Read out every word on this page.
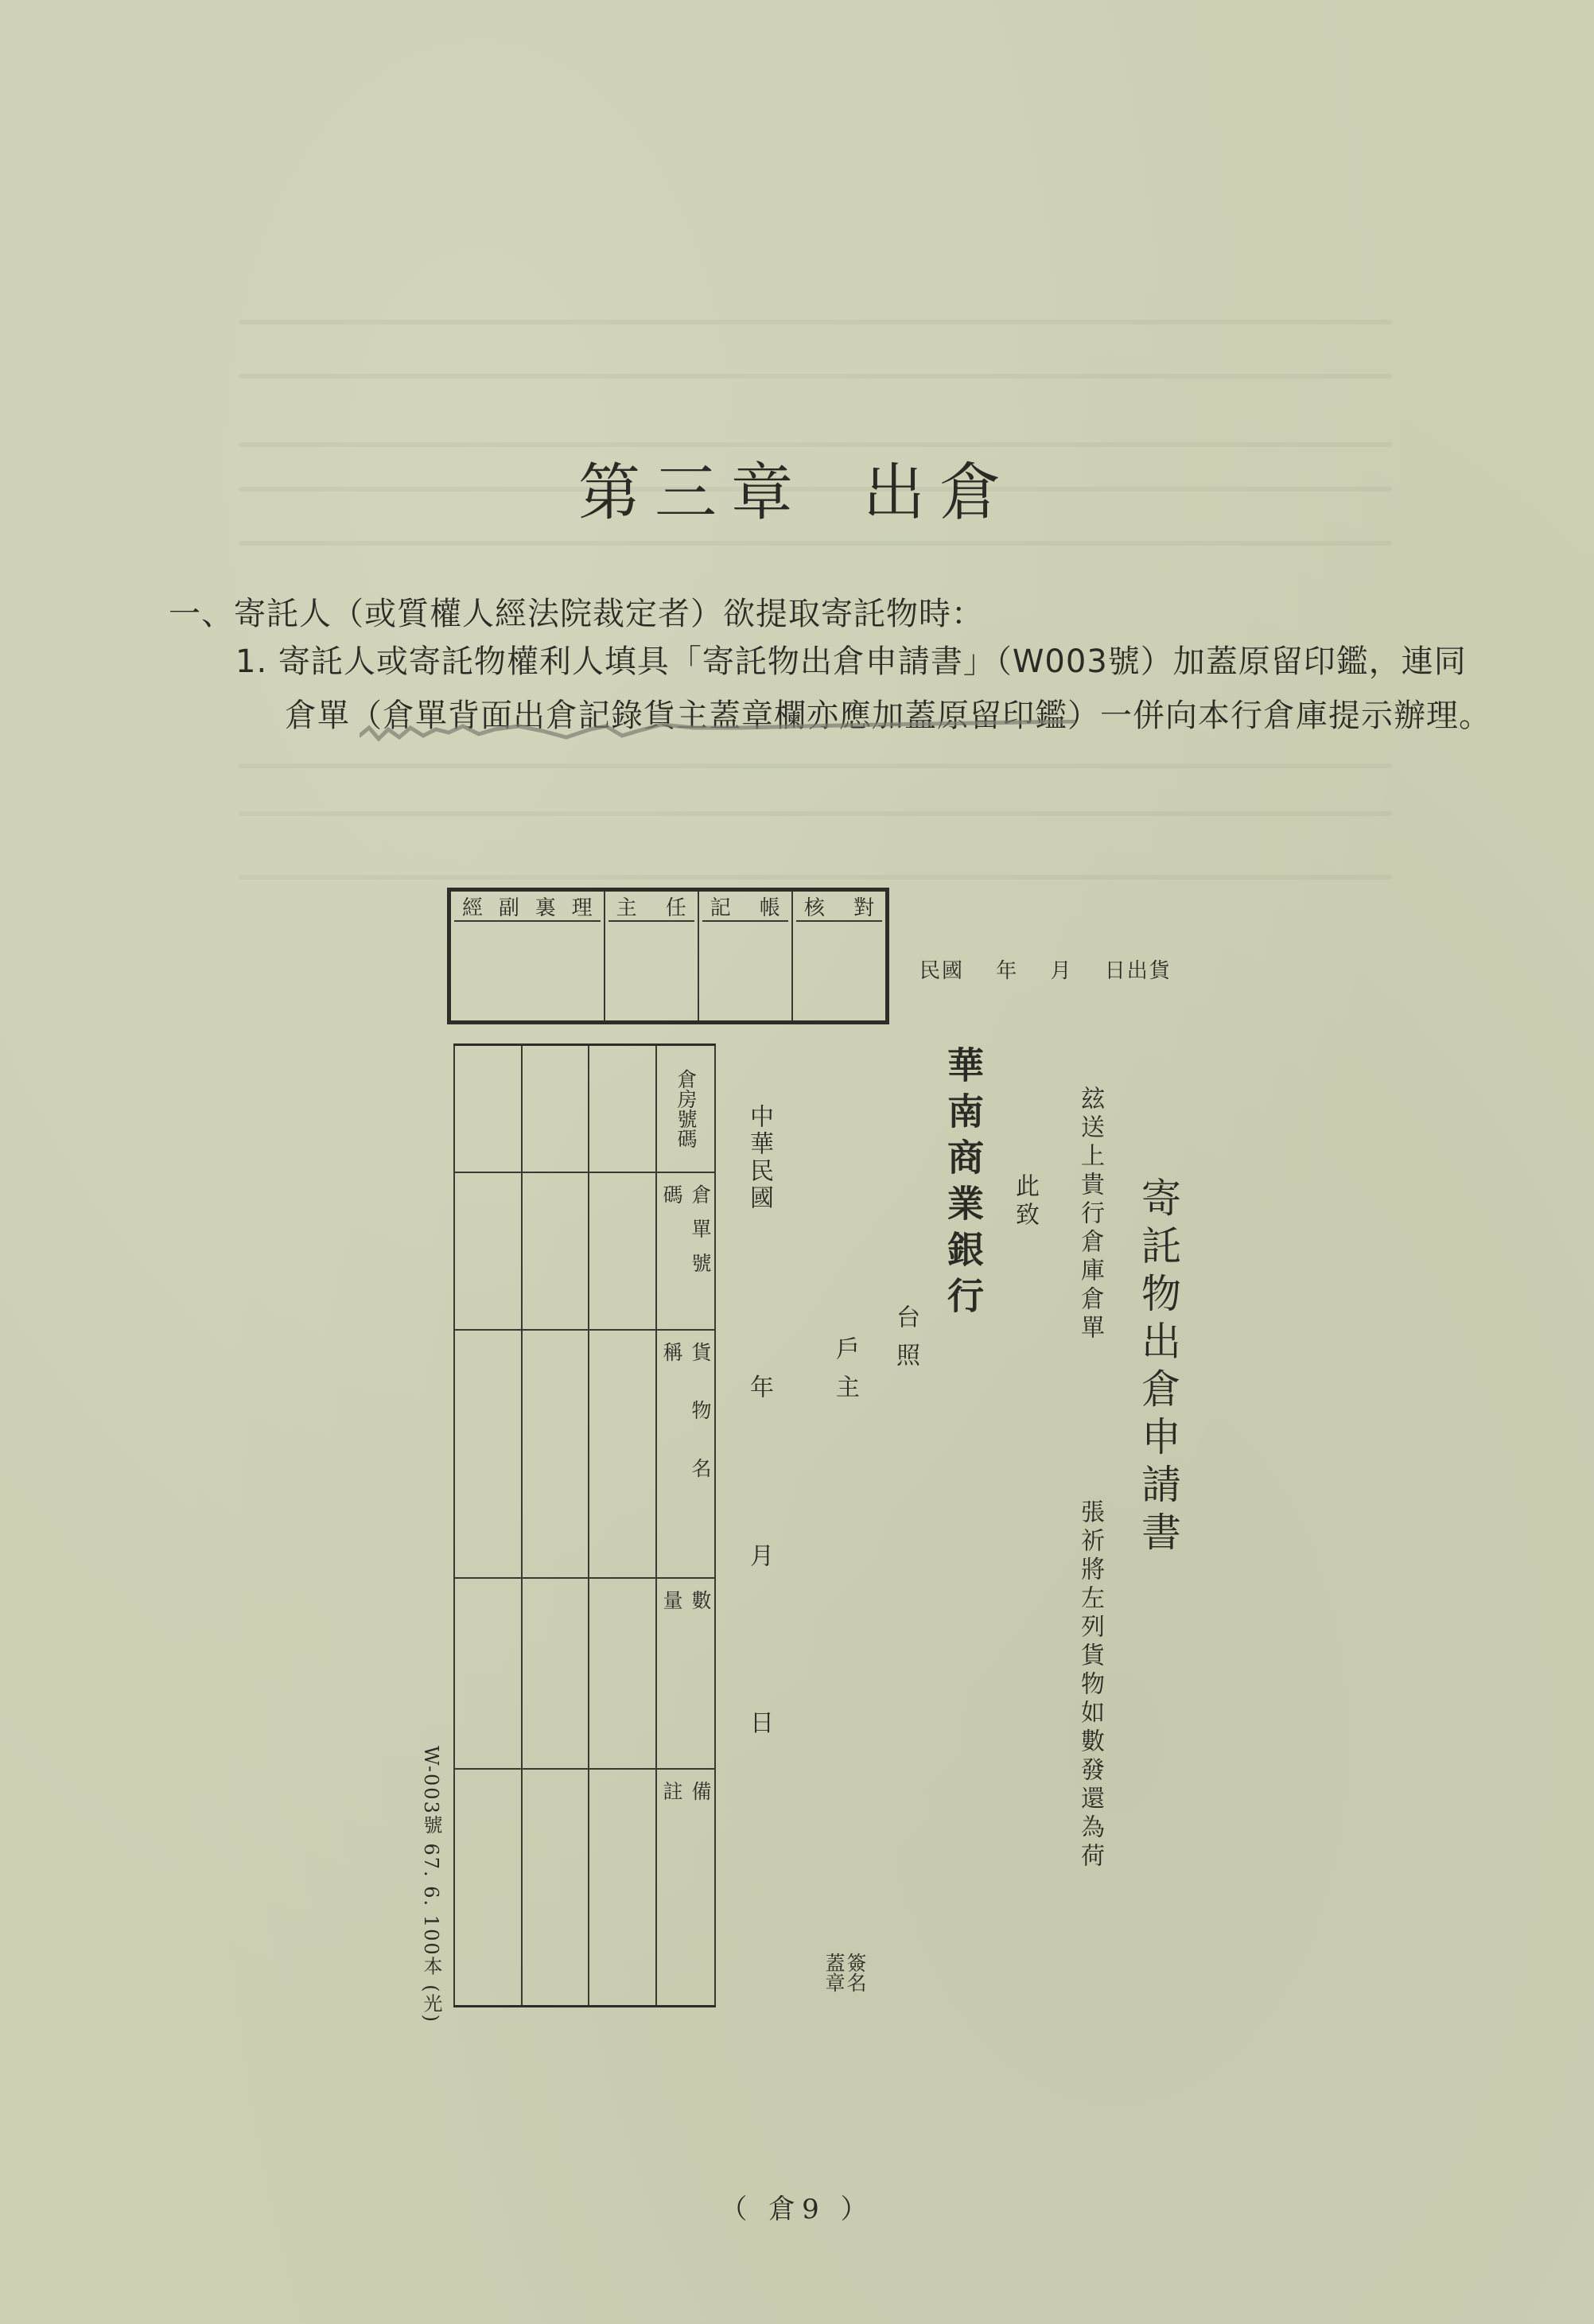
第三章 出倉
一、寄託人（或質權人經法院裁定者）欲提取寄託物時：
1. 寄託人或寄託物權利人填具「寄託物出倉申請書」（W003號）加蓋原留印鑑，連同
倉單（倉單背面出倉記錄貨主蓋章欄亦應加蓋原留印鑑）一併向本行倉庫提示辦理。
經 副 裏 理 主 任 記 帳 核 對
民國 年 月 日出貨
倉房號碼
倉單號碼
貨物名稱
數量
備註
W-003號 67. 6. 100本 (光)
寄託物出倉申請書
玆送上貴行倉庫倉單
張祈將左列貨物如數發還為荷
此致
華南商業銀行
台照
戶主
中華民國
年
月
日
簽名
蓋章
（ 倉9 ）
